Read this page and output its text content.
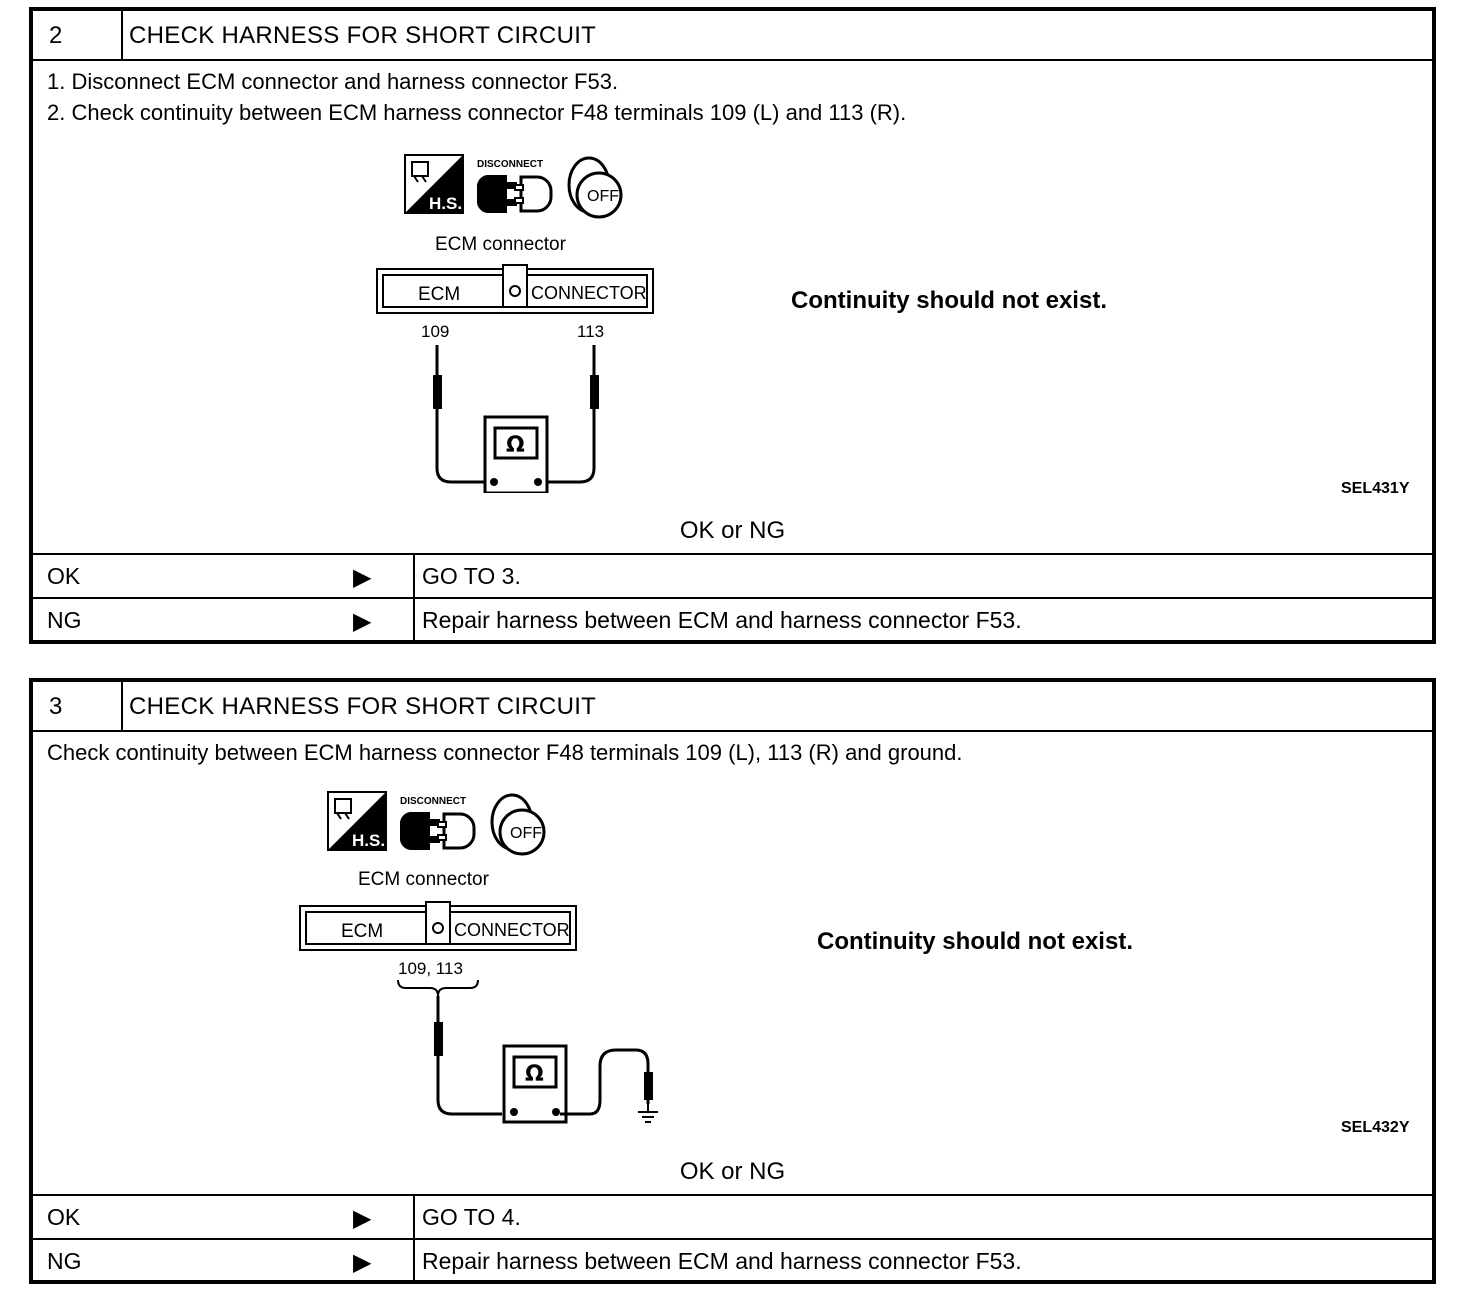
2	CHECK HARNESS FOR SHORT CIRCUIT
1. Disconnect ECM connector and harness connector F53.
2. Check continuity between ECM harness connector F48 terminals 109 (L) and 113 (R).
H.S.
DISCONNECT
OFF
ECM connector
ECM	CONNECTOR
109	113
Ω
Continuity should not exist.
SEL431Y
OK or NG
OK	▶ GO TO 3.
NG	▶ Repair harness between ECM and harness connector F53.
3	CHECK HARNESS FOR SHORT CIRCUIT
Check continuity between ECM harness connector F48 terminals 109 (L), 113 (R) and ground.
H.S.
DISCONNECT
OFF
ECM connector
ECM	CONNECTOR
109, 113
Ω
Continuity should not exist.
SEL432Y
OK or NG
OK	▶ GO TO 4.
NG	▶ Repair harness between ECM and harness connector F53.
